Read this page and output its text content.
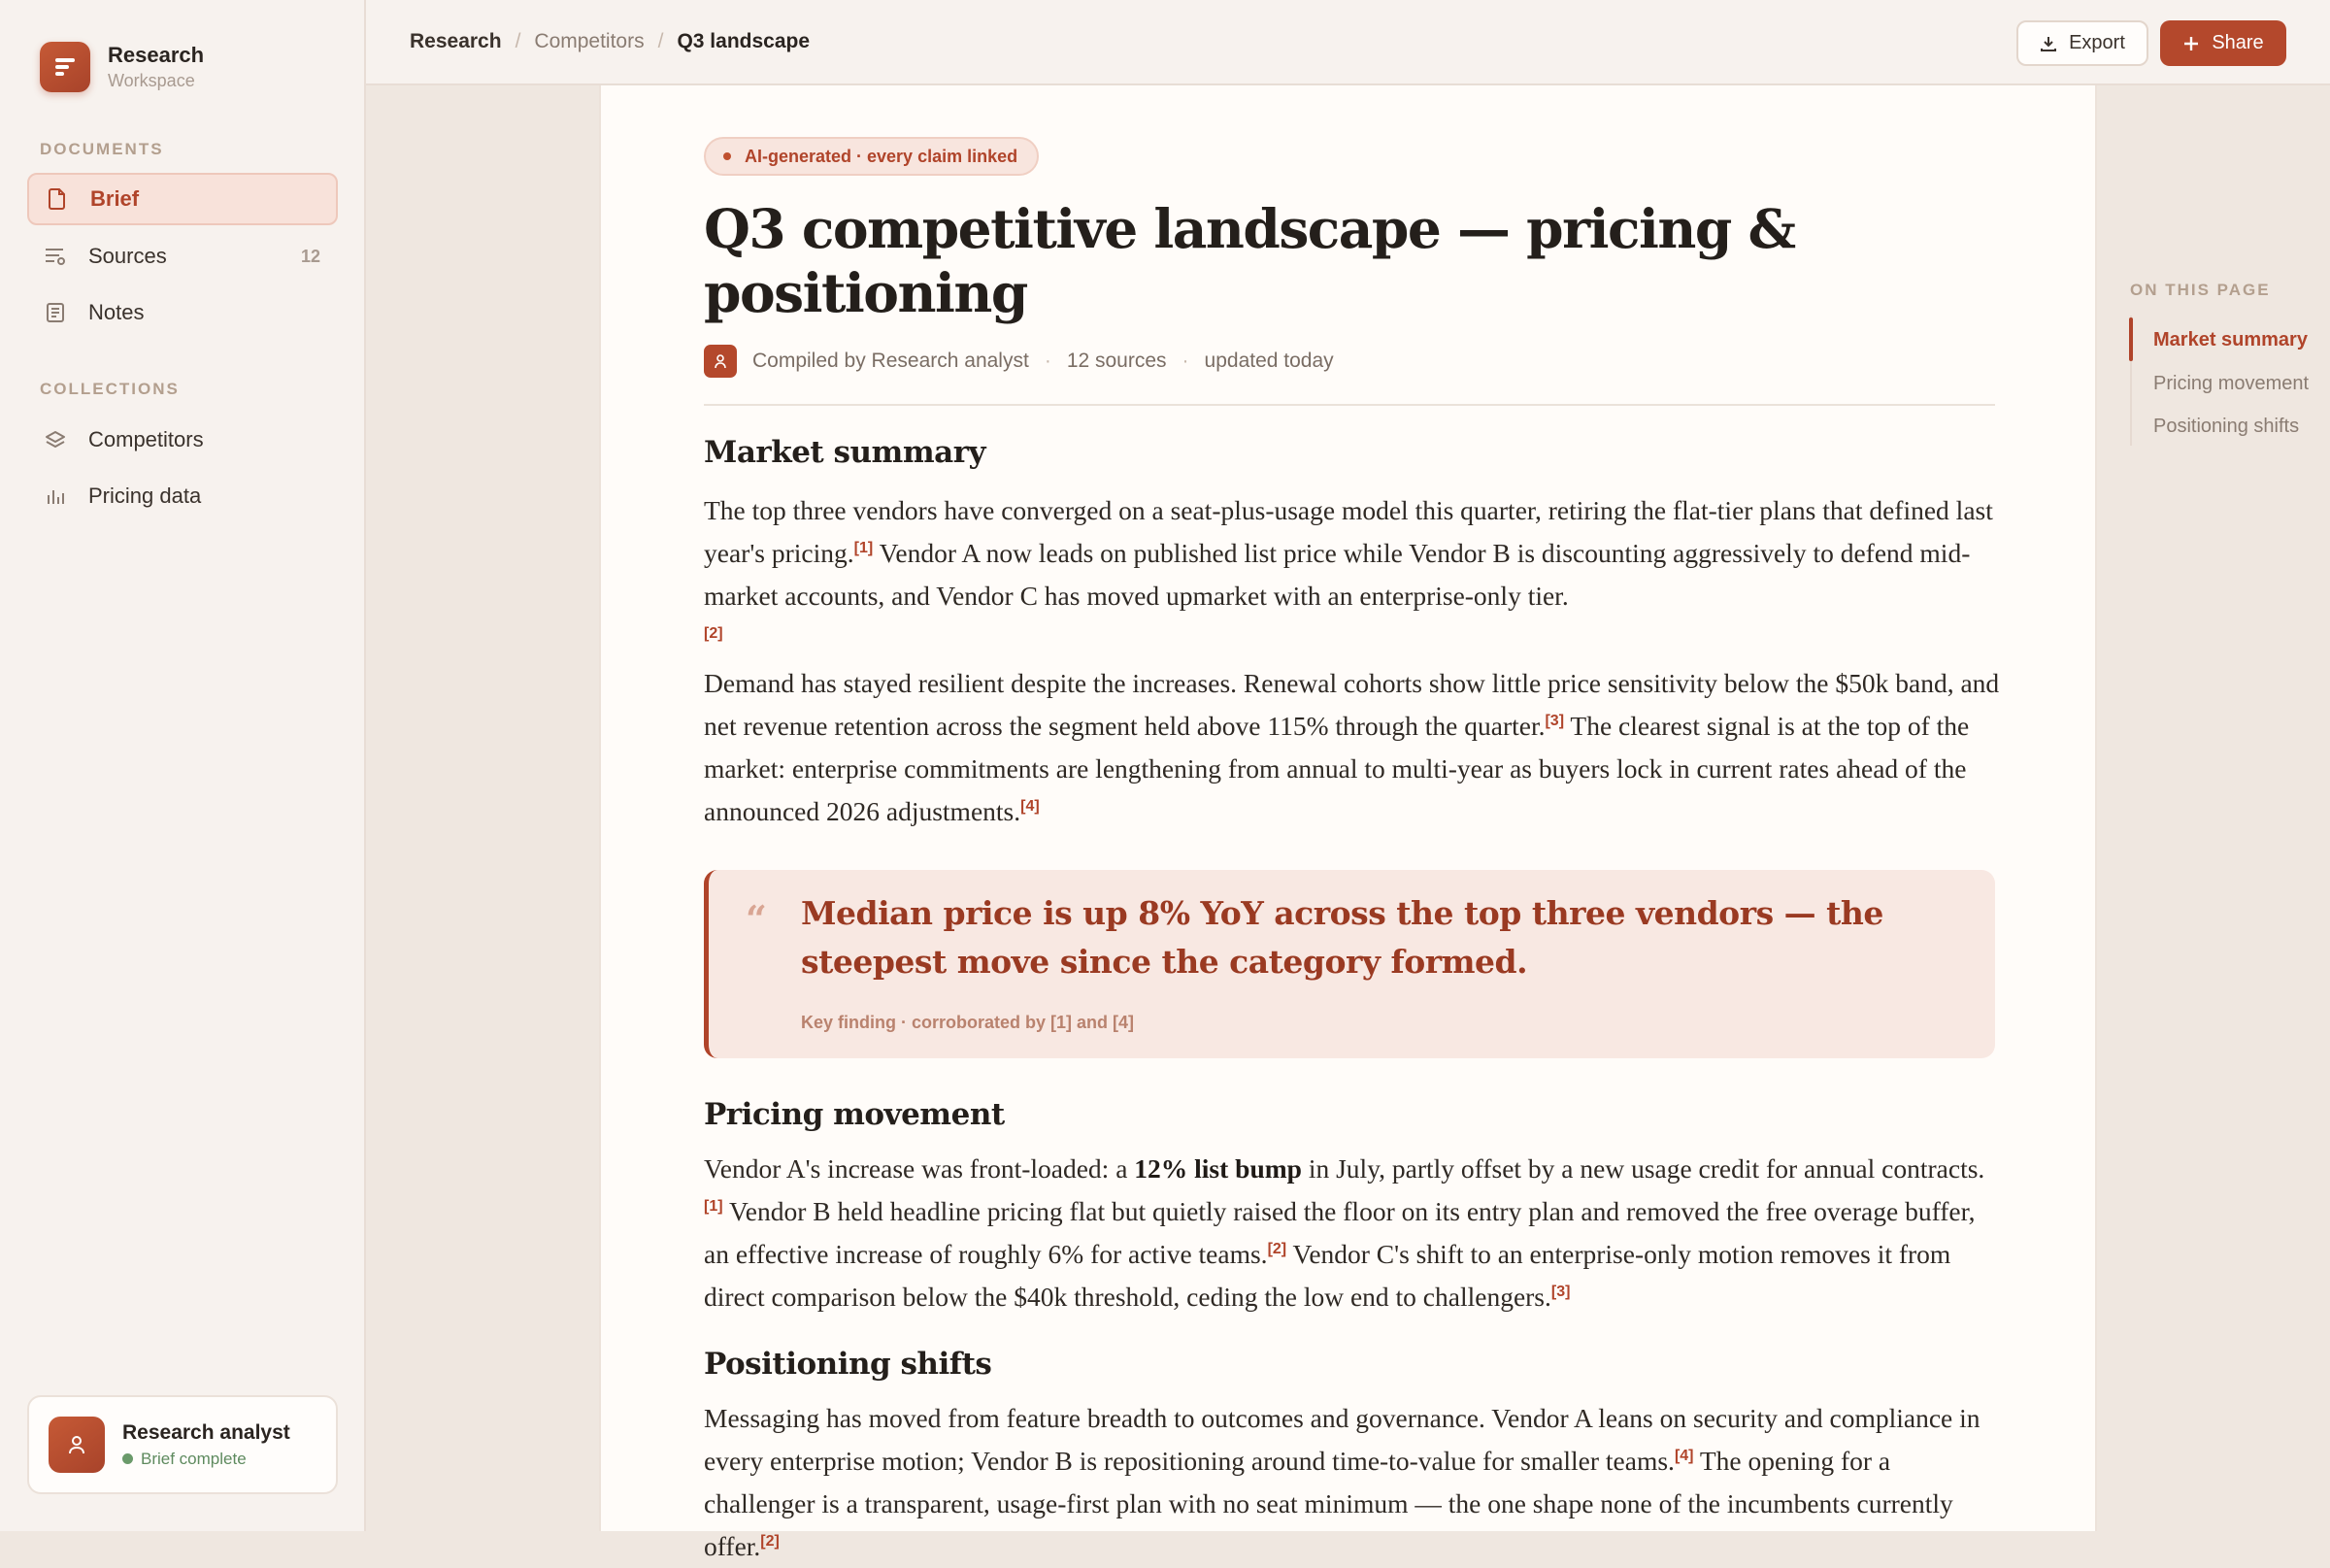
Research
Workspace
DOCUMENTS
Brief
Sources	12
Notes
COLLECTIONS
Competitors
Pricing data
Research analyst
Brief complete
Research / Competitors / Q3 landscape	Export	Share
AI-generated · every claim linked
Q3 competitive landscape — pricing & positioning
Compiled by Research analyst · 12 sources · updated today
Market summary

The top three vendors have converged on a seat-plus-usage model this quarter, retiring the flat-tier plans that defined last year's pricing.[1] Vendor A now leads on published list price while Vendor B is discounting aggressively to defend mid-market accounts, and Vendor C has moved upmarket with an enterprise-only tier.
[2]

Demand has stayed resilient despite the increases. Renewal cohorts show little price sensitivity below the $50k band, and net revenue retention across the segment held above 115% through the quarter.[3] The clearest signal is at the top of the market: enterprise commitments are lengthening from annual to multi-year as buyers lock in current rates ahead of the announced 2026 adjustments.[4]

“ Median price is up 8% YoY across the top three vendors — the steepest move since the category formed.
Key finding · corroborated by [1] and [4]
Pricing movement

Vendor A's increase was front-loaded: a 12% list bump in July, partly offset by a new usage credit for annual contracts.[1] Vendor B held headline pricing flat but quietly raised the floor on its entry plan and removed the free overage buffer, an effective increase of roughly 6% for active teams.[2] Vendor C's shift to an enterprise-only motion removes it from direct comparison below the $40k threshold, ceding the low end to challengers.[3]

Positioning shifts

Messaging has moved from feature breadth to outcomes and governance. Vendor A leans on security and compliance in every enterprise motion; Vendor B is repositioning around time-to-value for smaller teams.[4] The opening for a challenger is a transparent, usage-first plan with no seat minimum — the one shape none of the incumbents currently offer.[2]

ON THIS PAGE
Market summary
Pricing movement
Positioning shifts
